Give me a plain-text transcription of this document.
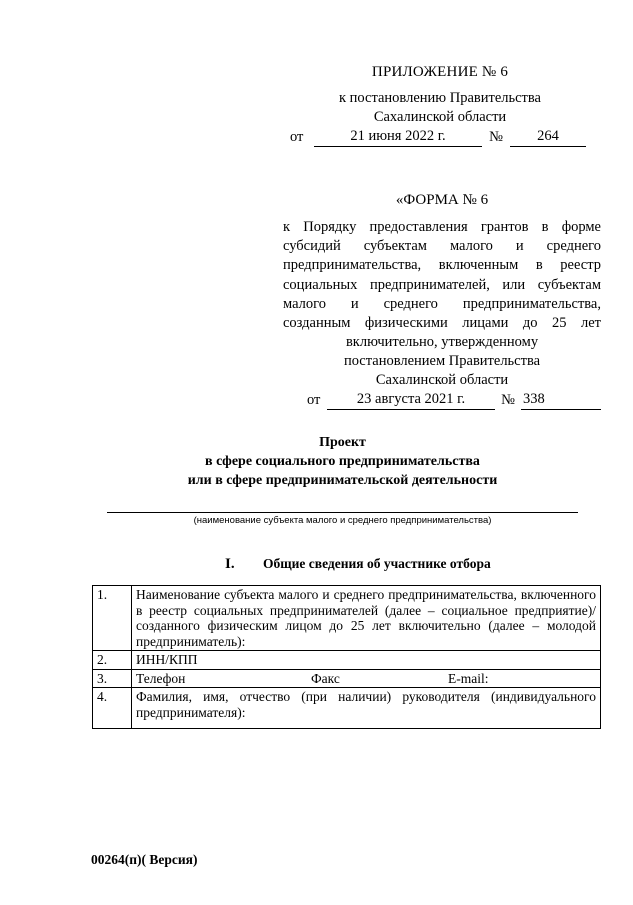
ПРИЛОЖЕНИЕ № 6
к постановлению Правительства
Сахалинской области
от	21 июня 2022 г.	№	264
«ФОРМА № 6
к Порядку предоставления грантов в форме субсидий субъектам малого и среднего предпринимательства, включенным в реестр социальных предпринимателей, или субъектам малого и среднего предпринимательства, созданным физическими лицами до 25 лет включительно, утвержденному
постановлением Правительства
Сахалинской области
от	23 августа 2021 г.	№ 338
Проект
в сфере социального предпринимательства
или в сфере предпринимательской деятельности
(наименование субъекта малого и среднего предпринимательства)
I.	Общие сведения об участнике отбора
1.	Наименование субъекта малого и среднего предпринимательства, включенного в реестр социальных предпринимателей (далее – социальное предприятие)/созданного физическим лицом до 25 лет включительно (далее – молодой предприниматель):
2.	ИНН/КПП
3.	Телефон Факс E-mail:

4.	Фамилия, имя, отчество (при наличии) руководителя (индивидуального предпринимателя):
00264(п)( Версия)
